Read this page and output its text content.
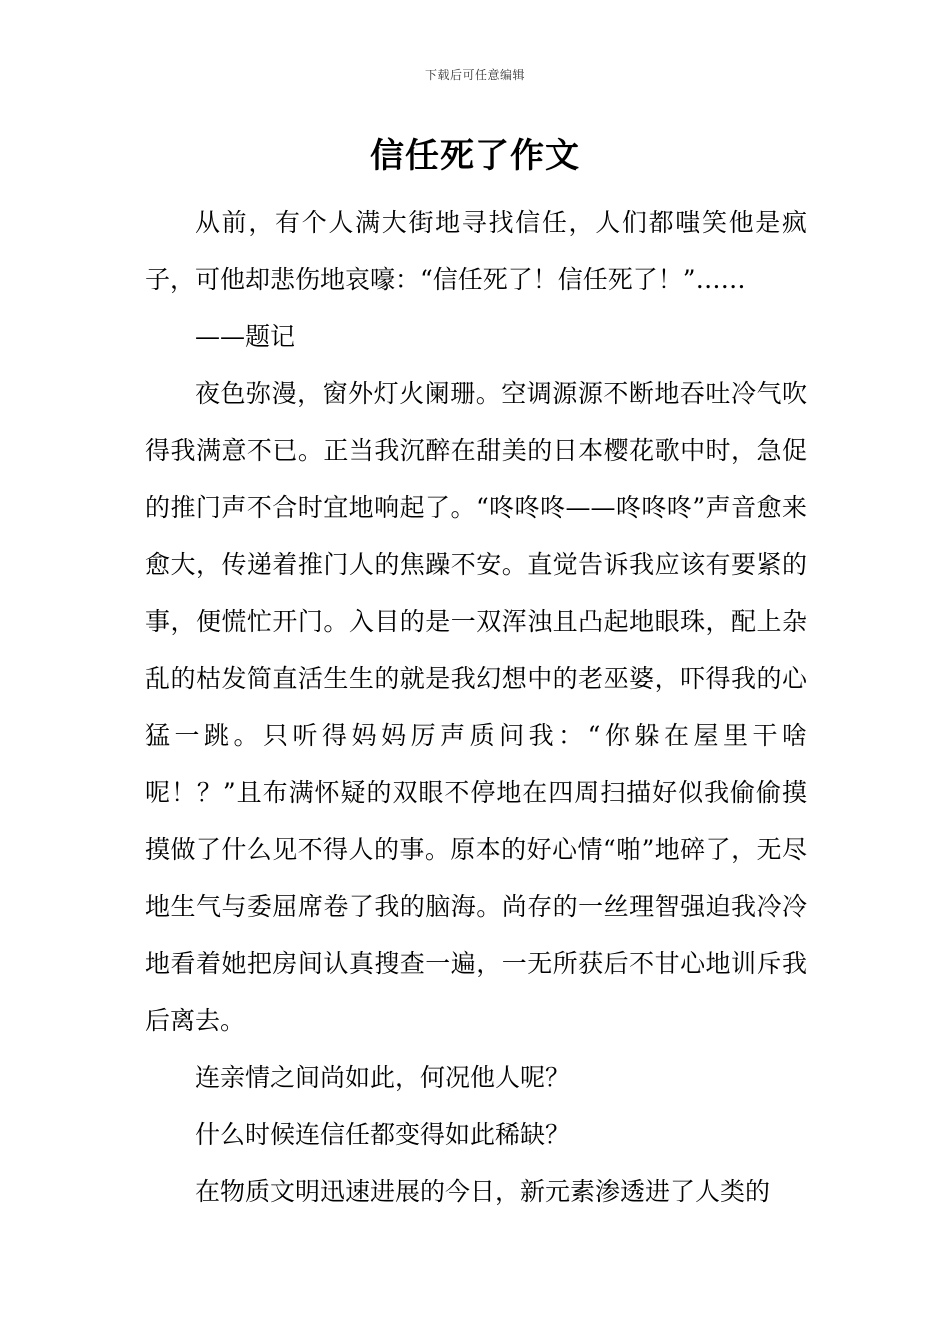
下载后可任意编辑
信任死了作文

从前，有个人满大街地寻找信任，人们都嗤笑他是疯子，可他却悲伤地哀嚎：“信任死了！信任死了！”……

——题记

夜色弥漫，窗外灯火阑珊。空调源源不断地吞吐冷气吹得我满意不已。正当我沉醉在甜美的日本樱花歌中时，急促的推门声不合时宜地响起了。“咚咚咚——咚咚咚”声音愈来愈大，传递着推门人的焦躁不安。直觉告诉我应该有要紧的事，便慌忙开门。入目的是一双浑浊且凸起地眼珠，配上杂乱的枯发简直活生生的就是我幻想中的老巫婆，吓得我的心猛一跳。只听得妈妈厉声质问我：“你躲在屋里干啥呢！？”且布满怀疑的双眼不停地在四周扫描好似我偷偷摸摸做了什么见不得人的事。原本的好心情“啪”地碎了，无尽地生气与委屈席卷了我的脑海。尚存的一丝理智强迫我冷冷地看着她把房间认真搜查一遍，一无所获后不甘心地训斥我后离去。

连亲情之间尚如此，何况他人呢？

什么时候连信任都变得如此稀缺？

在物质文明迅速进展的今日，新元素渗透进了人类的
